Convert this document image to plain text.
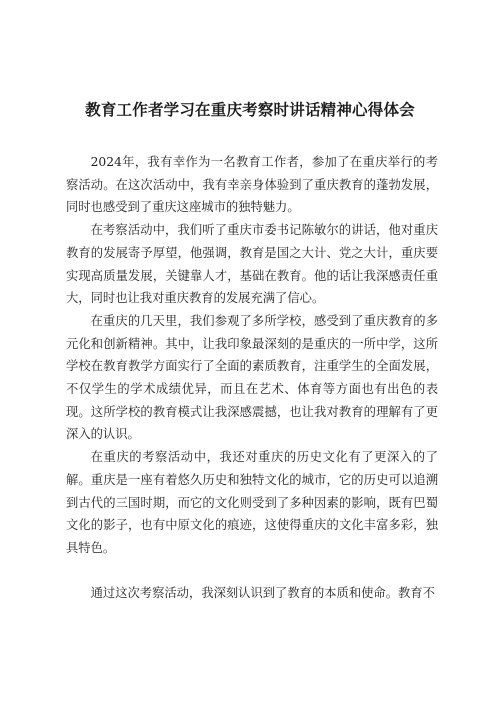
教育工作者学习在重庆考察时讲话精神心得体会

2024年，我有幸作为一名教育工作者，参加了在重庆举行的考察活动。在这次活动中，我有幸亲身体验到了重庆教育的蓬勃发展，同时也感受到了重庆这座城市的独特魅力。

在考察活动中，我们听了重庆市委书记陈敏尔的讲话，他对重庆教育的发展寄予厚望，他强调，教育是国之大计、党之大计，重庆要实现高质量发展，关键靠人才，基础在教育。他的话让我深感责任重大，同时也让我对重庆教育的发展充满了信心。

在重庆的几天里，我们参观了多所学校，感受到了重庆教育的多元化和创新精神。其中，让我印象最深刻的是重庆的一所中学，这所学校在教育教学方面实行了全面的素质教育，注重学生的全面发展，不仅学生的学术成绩优异，而且在艺术、体育等方面也有出色的表现。这所学校的教育模式让我深感震撼，也让我对教育的理解有了更深入的认识。

在重庆的考察活动中，我还对重庆的历史文化有了更深入的了解。重庆是一座有着悠久历史和独特文化的城市，它的历史可以追溯到古代的三国时期，而它的文化则受到了多种因素的影响，既有巴蜀文化的影子，也有中原文化的痕迹，这使得重庆的文化丰富多彩，独具特色。

通过这次考察活动，我深刻认识到了教育的本质和使命。教育不
